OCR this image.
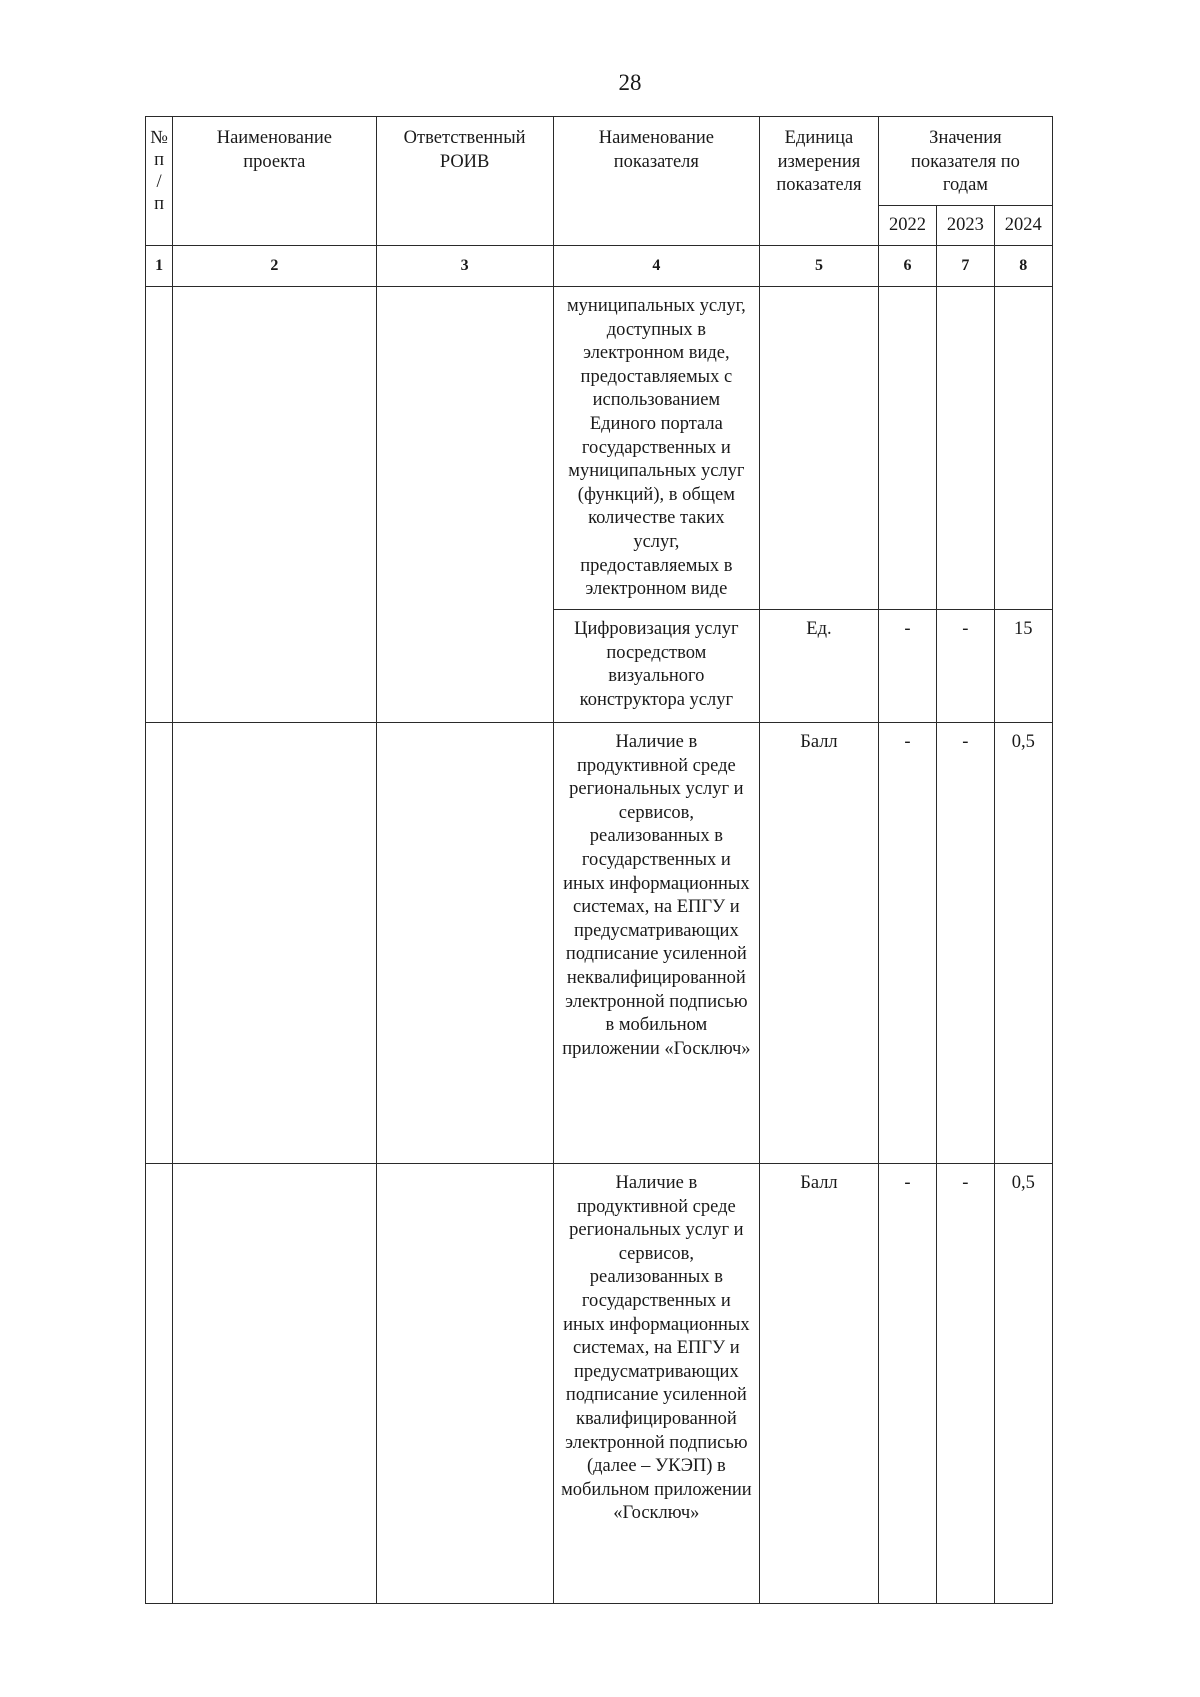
28
№
п
/
п	Наименование проекта	Ответственный РОИВ	Наименование показателя	Единица измерения показателя	Значения показателя по годам		

					2022	2023	2024
1	2	3	4	5	6	7	8

			муниципальных услуг, доступных в электронном виде, предоставляемых с использованием Единого портала государственных и муниципальных услуг (функций), в общем количестве таких услуг, предоставляемых в электронном виде				

			Цифровизация услуг посредством визуального конструктора услуг	Ед.	-	-	15

			Наличие в продуктивной среде региональных услуг и сервисов, реализованных в государственных и иных информационных системах, на ЕПГУ и предусматривающих подписание усиленной неквалифицированной электронной подписью в мобильном приложении «Госключ»	Балл	-	-	0,5

			Наличие в продуктивной среде региональных услуг и сервисов, реализованных в государственных и иных информационных системах, на ЕПГУ и предусматривающих подписание усиленной квалифицированной электронной подписью (далее – УКЭП) в мобильном приложении «Госключ»	Балл	-	-	0,5
